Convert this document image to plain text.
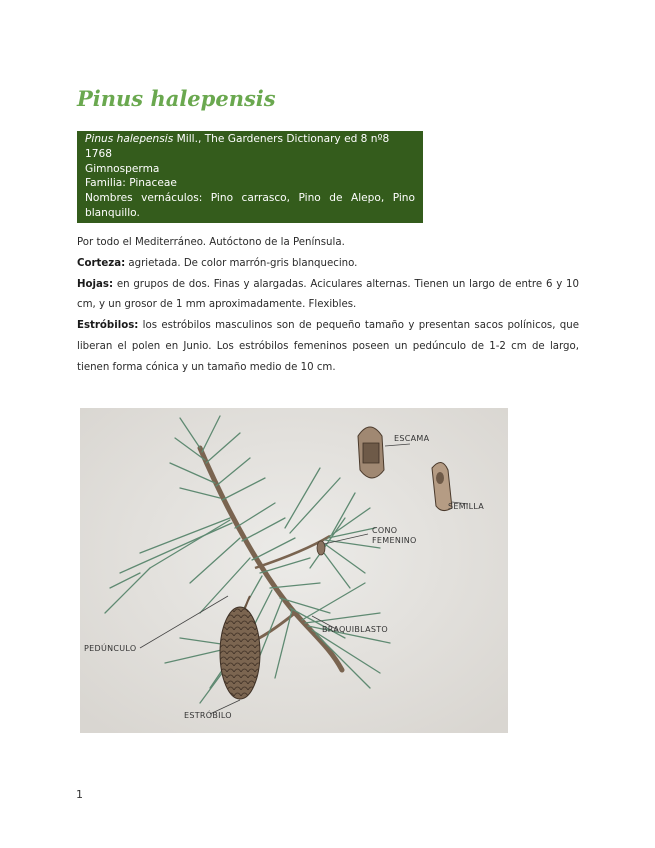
Pinus halepensis
Pinus halepensis Mill., The Gardeners Dictionary ed 8 nº8 1768
Gimnosperma
Familia: Pinaceae
Nombres vernáculos: Pino carrasco, Pino de Alepo, Pino blanquillo.

Por todo el Mediterráneo. Autóctono de la Península.

Corteza: agrietada. De color marrón-gris blanquecino.

Hojas: en grupos de dos. Finas y alargadas. Aciculares alternas. Tienen un largo de entre 6 y 10 cm, y un grosor de 1 mm aproximadamente. Flexibles.

Estróbilos: los estróbilos masculinos son de pequeño tamaño y presentan sacos polínicos, que liberan el polen en Junio. Los estróbilos femeninos poseen un pedúnculo de 1-2 cm de largo, tienen forma cónica y un tamaño medio de 10 cm.

ESCAMA
SEMILLA
CONO
FEMENINO
BRAQUIBLASTO
PEDÚNCULO
ESTRÓBILO
1
